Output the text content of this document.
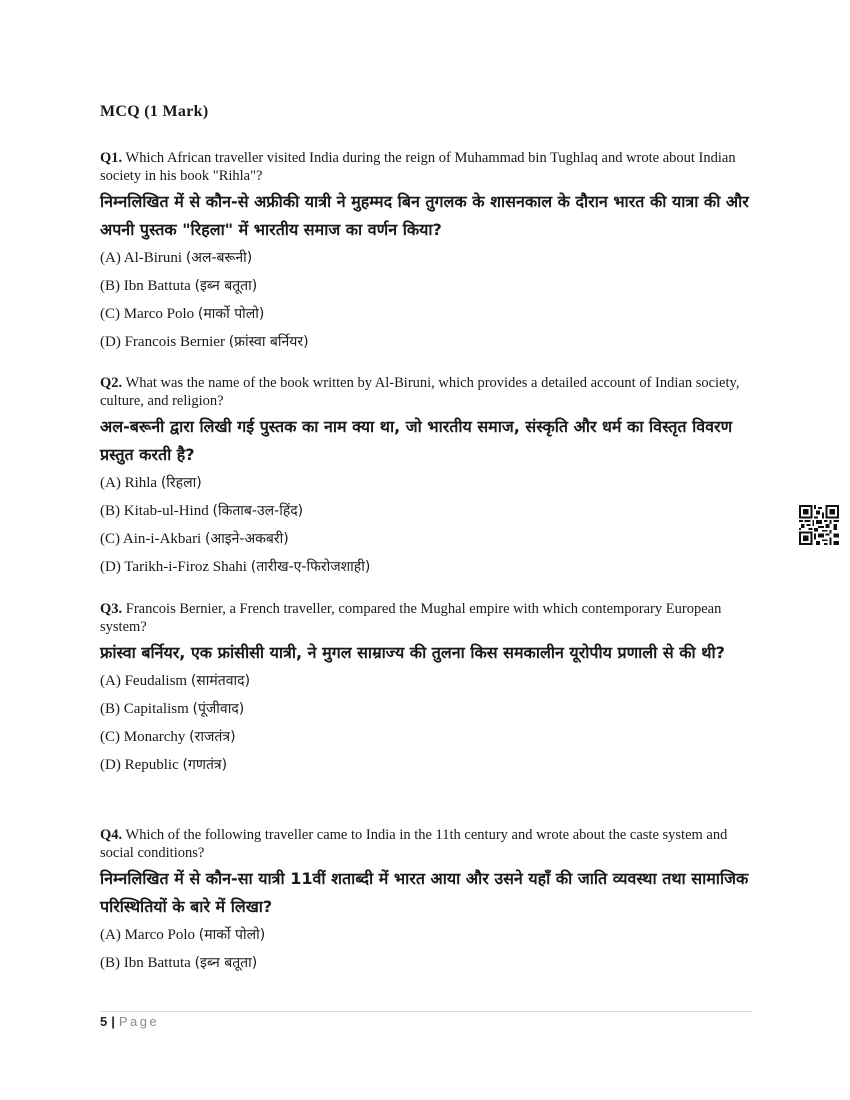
MCQ (1 Mark)
Q1. Which African traveller visited India during the reign of Muhammad bin Tughlaq and wrote about Indian society in his book "Rihla"?
निम्नलिखित में से कौन-से अफ्रीकी यात्री ने मुहम्मद बिन तुगलक के शासनकाल के दौरान भारत की यात्रा की और अपनी पुस्तक "रिहला" में भारतीय समाज का वर्णन किया?
(A) Al-Biruni (अल-बरूनी)
(B) Ibn Battuta (इब्न बतूता)
(C) Marco Polo (मार्को पोलो)
(D) Francois Bernier (फ्रांस्वा बर्नियर)
Q2. What was the name of the book written by Al-Biruni, which provides a detailed account of Indian society, culture, and religion?
अल-बरूनी द्वारा लिखी गई पुस्तक का नाम क्या था, जो भारतीय समाज, संस्कृति और धर्म का विस्तृत विवरण प्रस्तुत करती है?
(A) Rihla (रिहला)
(B) Kitab-ul-Hind (किताब-उल-हिंद)
(C) Ain-i-Akbari (आइने-अकबरी)
(D) Tarikh-i-Firoz Shahi (तारीख-ए-फिरोजशाही)
Q3. Francois Bernier, a French traveller, compared the Mughal empire with which contemporary European system?
फ्रांस्वा बर्नियर, एक फ्रांसीसी यात्री, ने मुगल साम्राज्य की तुलना किस समकालीन यूरोपीय प्रणाली से की थी?
(A) Feudalism (सामंतवाद)
(B) Capitalism (पूंजीवाद)
(C) Monarchy (राजतंत्र)
(D) Republic (गणतंत्र)
Q4. Which of the following traveller came to India in the 11th century and wrote about the caste system and social conditions?
निम्नलिखित में से कौन-सा यात्री 11वीं शताब्दी में भारत आया और उसने यहाँ की जाति व्यवस्था तथा सामाजिक परिस्थितियों के बारे में लिखा?
(A) Marco Polo (मार्को पोलो)
(B) Ibn Battuta (इब्न बतूता)
5 | Page
